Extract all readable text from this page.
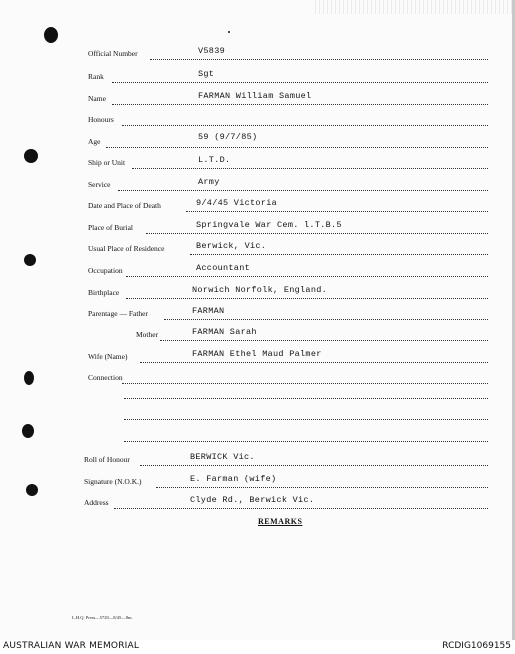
Official Number	V5839
Rank	Sgt
Name	FARMAN William Samuel
Honours
Age	59 (9/7/85)
Ship or Unit	L.T.D.
Service	Army
Date and Place of Death	9/4/45 Victoria
Place of Burial	Springvale War Cem. l.T.B.5
Usual Place of Residence	Berwick, Vic.
Occupation	Accountant
Birthplace	Norwich Norfolk, England.
Parentage — Father	FARMAN
Mother	FARMAN Sarah
Wife (Name)	FARMAN Ethel Maud Palmer
Connection
Roll of Honour	BERWICK Vic.
Signature (N.O.K.)	E. Farman (wife)
Address	Clyde Rd., Berwick Vic.
REMARKS
L.H.Q. Press—5720—8/45—8m.
AUSTRALIAN WAR MEMORIAL	RCDIG1069155
